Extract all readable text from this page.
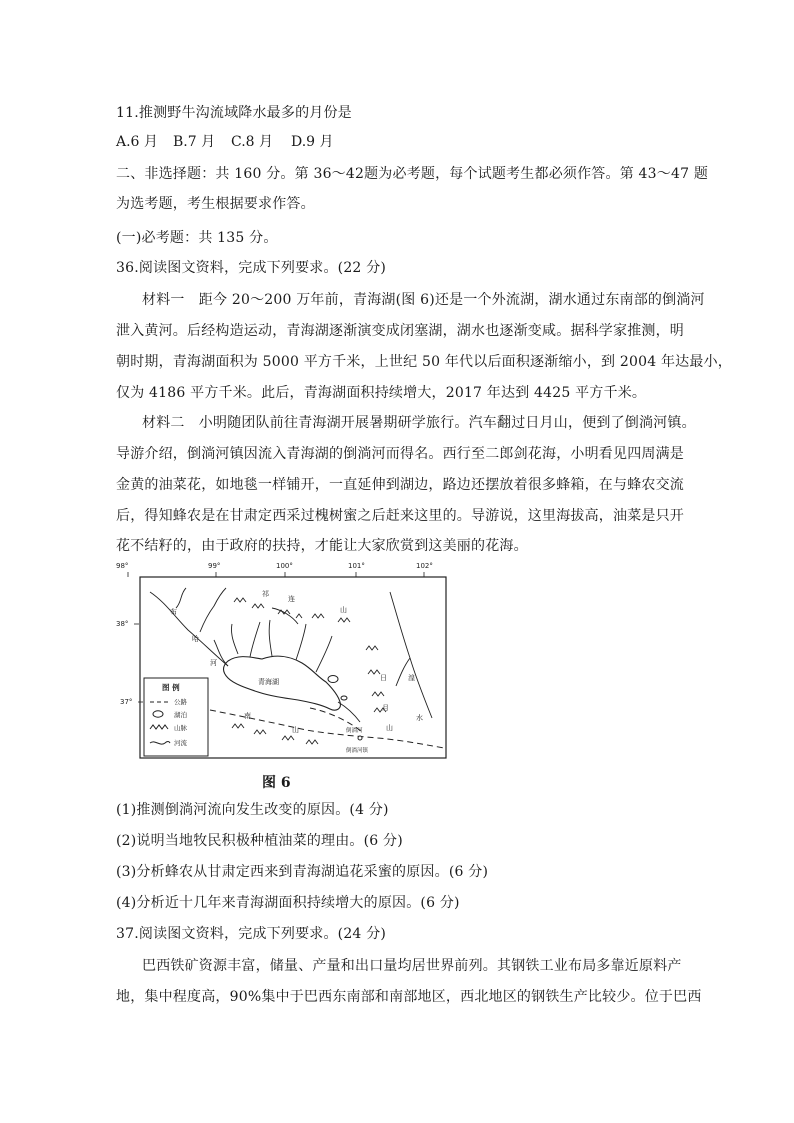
11.推测野牛沟流域降水最多的月份是
A.6 月	B.7 月	C.8 月	D.9 月
二、非选择题：共 160 分。第 36～42题为必考题，每个试题考生都必须作答。第 43～47 题
为选考题，考生根据要求作答。
(一)必考题：共 135 分。
36.阅读图文资料，完成下列要求。(22 分)
材料一　距今 20～200 万年前，青海湖(图 6)还是一个外流湖，湖水通过东南部的倒淌河
泄入黄河。后经构造运动，青海湖逐渐演变成闭塞湖，湖水也逐渐变咸。据科学家推测，明
朝时期，青海湖面积为 5000 平方千米，上世纪 50 年代以后面积逐渐缩小，到 2004 年达最小，
仅为 4186 平方千米。此后，青海湖面积持续增大，2017 年达到 4425 平方千米。
材料二　小明随团队前往青海湖开展暑期研学旅行。汽车翻过日月山，便到了倒淌河镇。
导游介绍，倒淌河镇因流入青海湖的倒淌河而得名。西行至二郎剑花海，小明看见四周满是
金黄的油菜花，如地毯一样铺开，一直延伸到湖边，路边还摆放着很多蜂箱，在与蜂农交流
后，得知蜂农是在甘肃定西采过槐树蜜之后赶来这里的。导游说，这里海拔高，油菜是只开
花不结籽的，由于政府的扶持，才能让大家欣赏到这美丽的花海。
98°	99°	100°	101°	102°
38°
37°
青海湖
布
哈
河
祁
连
山
日
月
山
南
山
湟
水
倒淌河
倒淌河镇
图 例
公路
湖泊
山脉
河流
图 6
(1)推测倒淌河流向发生改变的原因。(4 分)
(2)说明当地牧民积极种植油菜的理由。(6 分)
(3)分析蜂农从甘肃定西来到青海湖追花采蜜的原因。(6 分)
(4)分析近十几年来青海湖面积持续增大的原因。(6 分)
37.阅读图文资料，完成下列要求。(24 分)
巴西铁矿资源丰富，储量、产量和出口量均居世界前列。其钢铁工业布局多靠近原料产
地，集中程度高，90%集中于巴西东南部和南部地区，西北地区的钢铁生产比较少。位于巴西
